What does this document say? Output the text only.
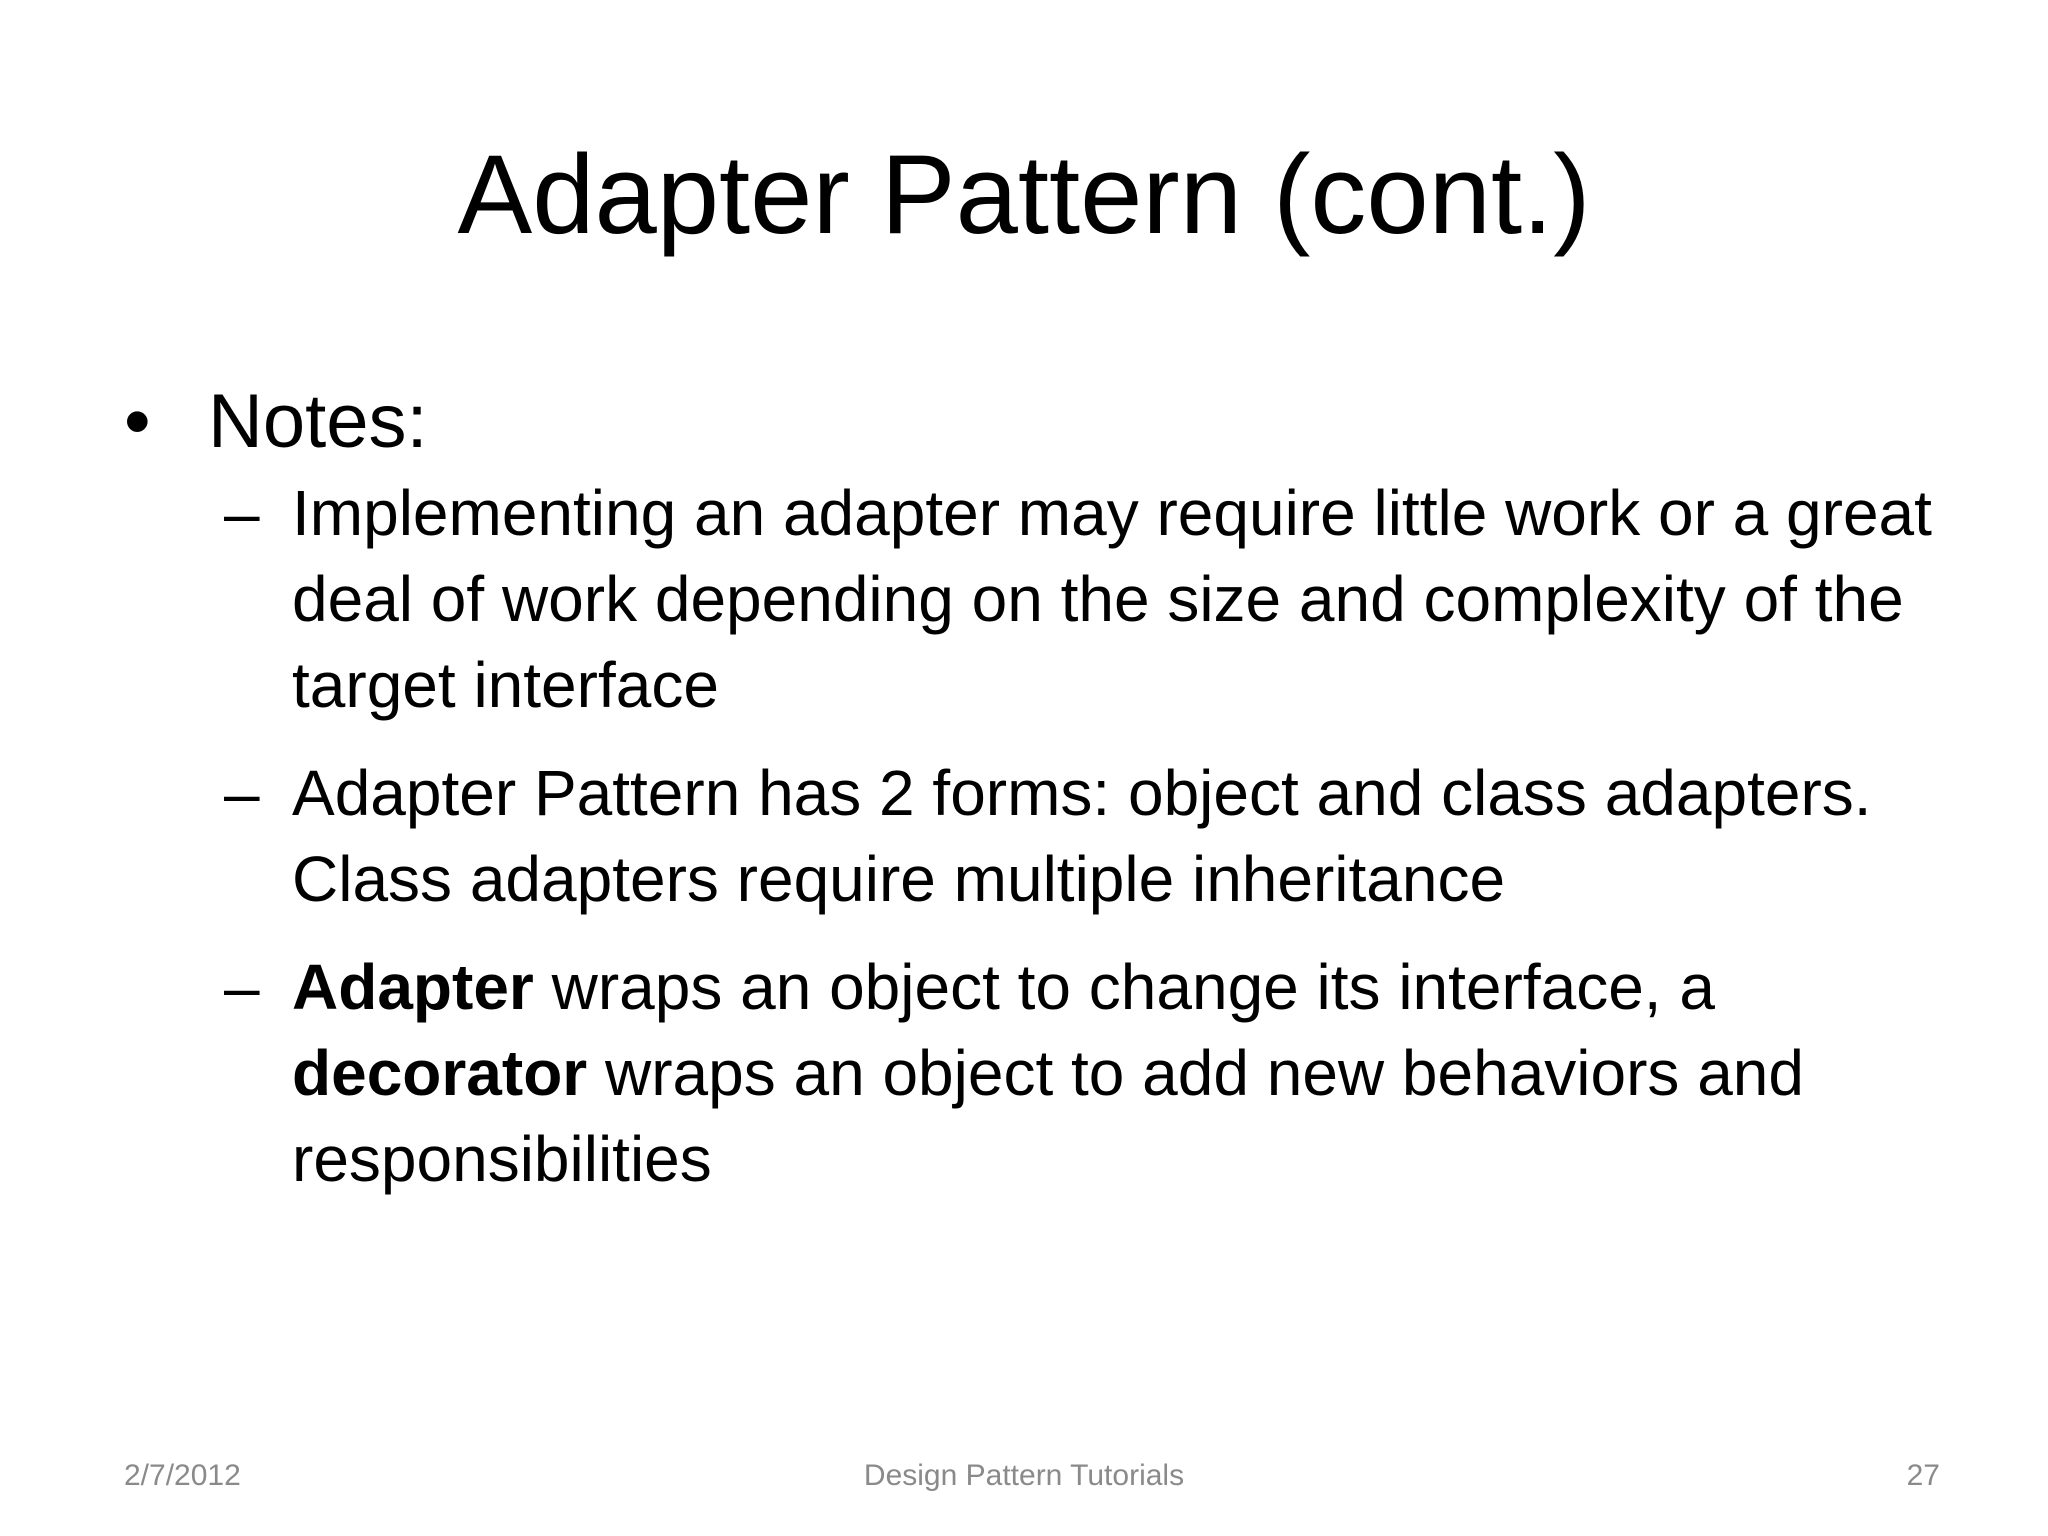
Adapter Pattern (cont.)
• Notes:
– Implementing an adapter may require little work or a great deal of work depending on the size and complexity of the target interface
– Adapter Pattern has 2 forms: object and class adapters. Class adapters require multiple inheritance
– Adapter wraps an object to change its interface, a decorator wraps an object to add new behaviors and responsibilities
2/7/2012	Design Pattern Tutorials	27
